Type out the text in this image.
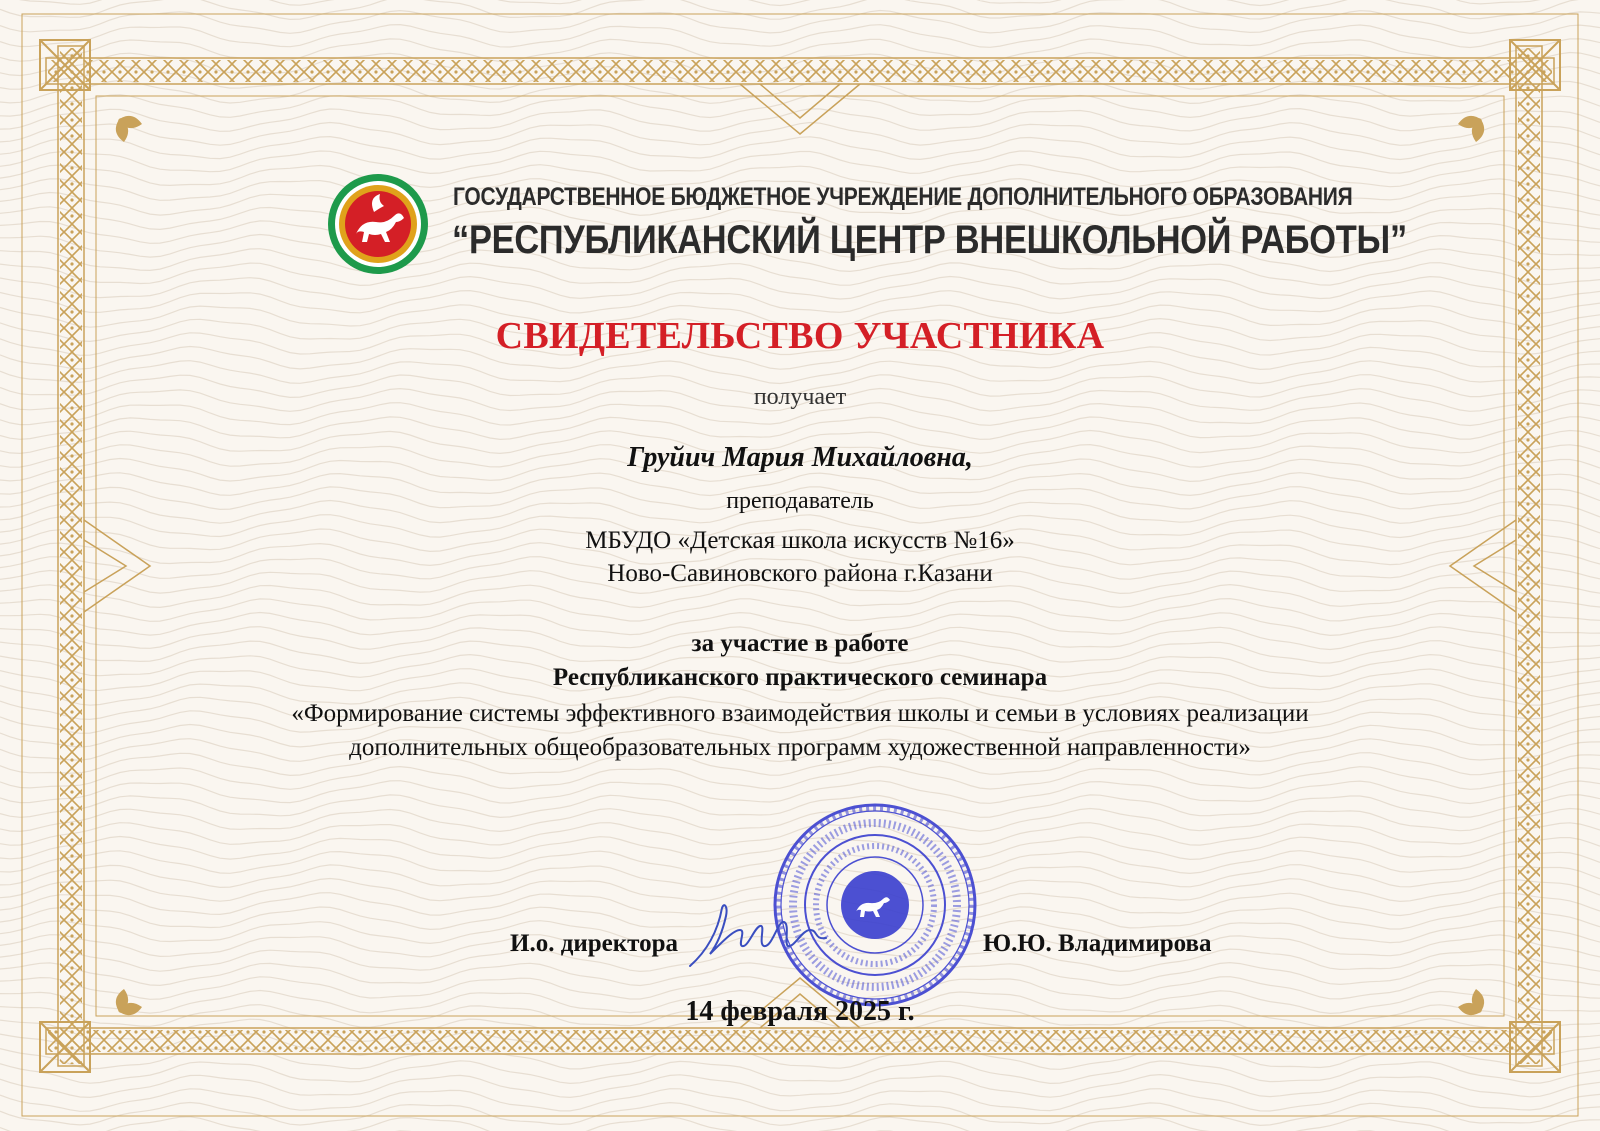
ГОСУДАРСТВЕННОЕ БЮДЖЕТНОЕ УЧРЕЖДЕНИЕ ДОПОЛНИТЕЛЬНОГО ОБРАЗОВАНИЯ
“РЕСПУБЛИКАНСКИЙ ЦЕНТР ВНЕШКОЛЬНОЙ РАБОТЫ”
СВИДЕТЕЛЬСТВО УЧАСТНИКА
получает
Груйич Мария Михайловна,
преподаватель
МБУДО «Детская школа искусств №16»
Ново-Савиновского района г.Казани
за участие в работе
Республиканского практического семинара
«Формирование системы эффективного взаимодействия школы и семьи в условиях реализации
дополнительных общеобразовательных программ художественной направленности»
И.о. директора	Ю.Ю. Владимирова
14 февраля 2025 г.
